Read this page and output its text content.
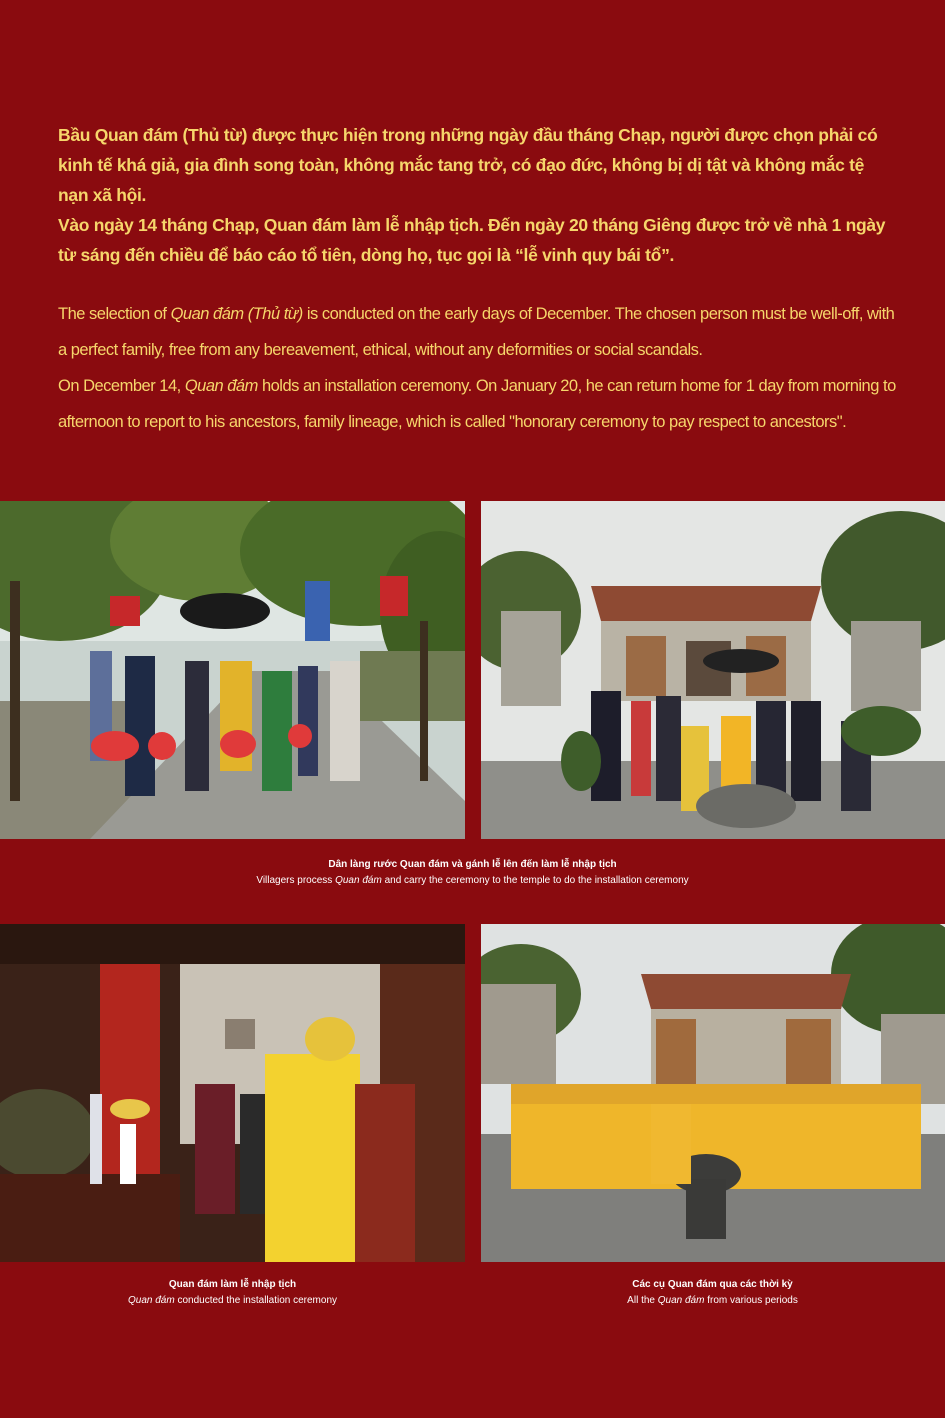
Bầu Quan đám (Thủ từ) được thực hiện trong những ngày đầu tháng Chạp, người được chọn phải có kinh tế khá giả, gia đình song toàn, không mắc tang trở, có đạo đức, không bị dị tật và không mắc tệ nạn xã hội.

Vào ngày 14 tháng Chạp, Quan đám làm lễ nhập tịch. Đến ngày 20 tháng Giêng được trở về nhà 1 ngày từ sáng đến chiều để báo cáo tổ tiên, dòng họ, tục gọi là “lễ vinh quy bái tổ”.

The selection of Quan đám (Thủ từ) is conducted on the early days of December. The chosen person must be well-off, with a perfect family, free from any bereavement, ethical, without any deformities or social scandals.
On December 14, Quan đám holds an installation ceremony. On January 20, he can return home for 1 day from morning to afternoon to report to his ancestors, family lineage, which is called "honorary ceremony to pay respect to ancestors".

Dân làng rước Quan đám và gánh lễ lên đến làm lễ nhập tịch
Villagers process Quan đám and carry the ceremony to the temple to do the installation ceremony
Quan đám làm lễ nhập tịch
Quan đám conducted the installation ceremony
Các cụ Quan đám qua các thời kỳ
All the Quan đám from various periods
